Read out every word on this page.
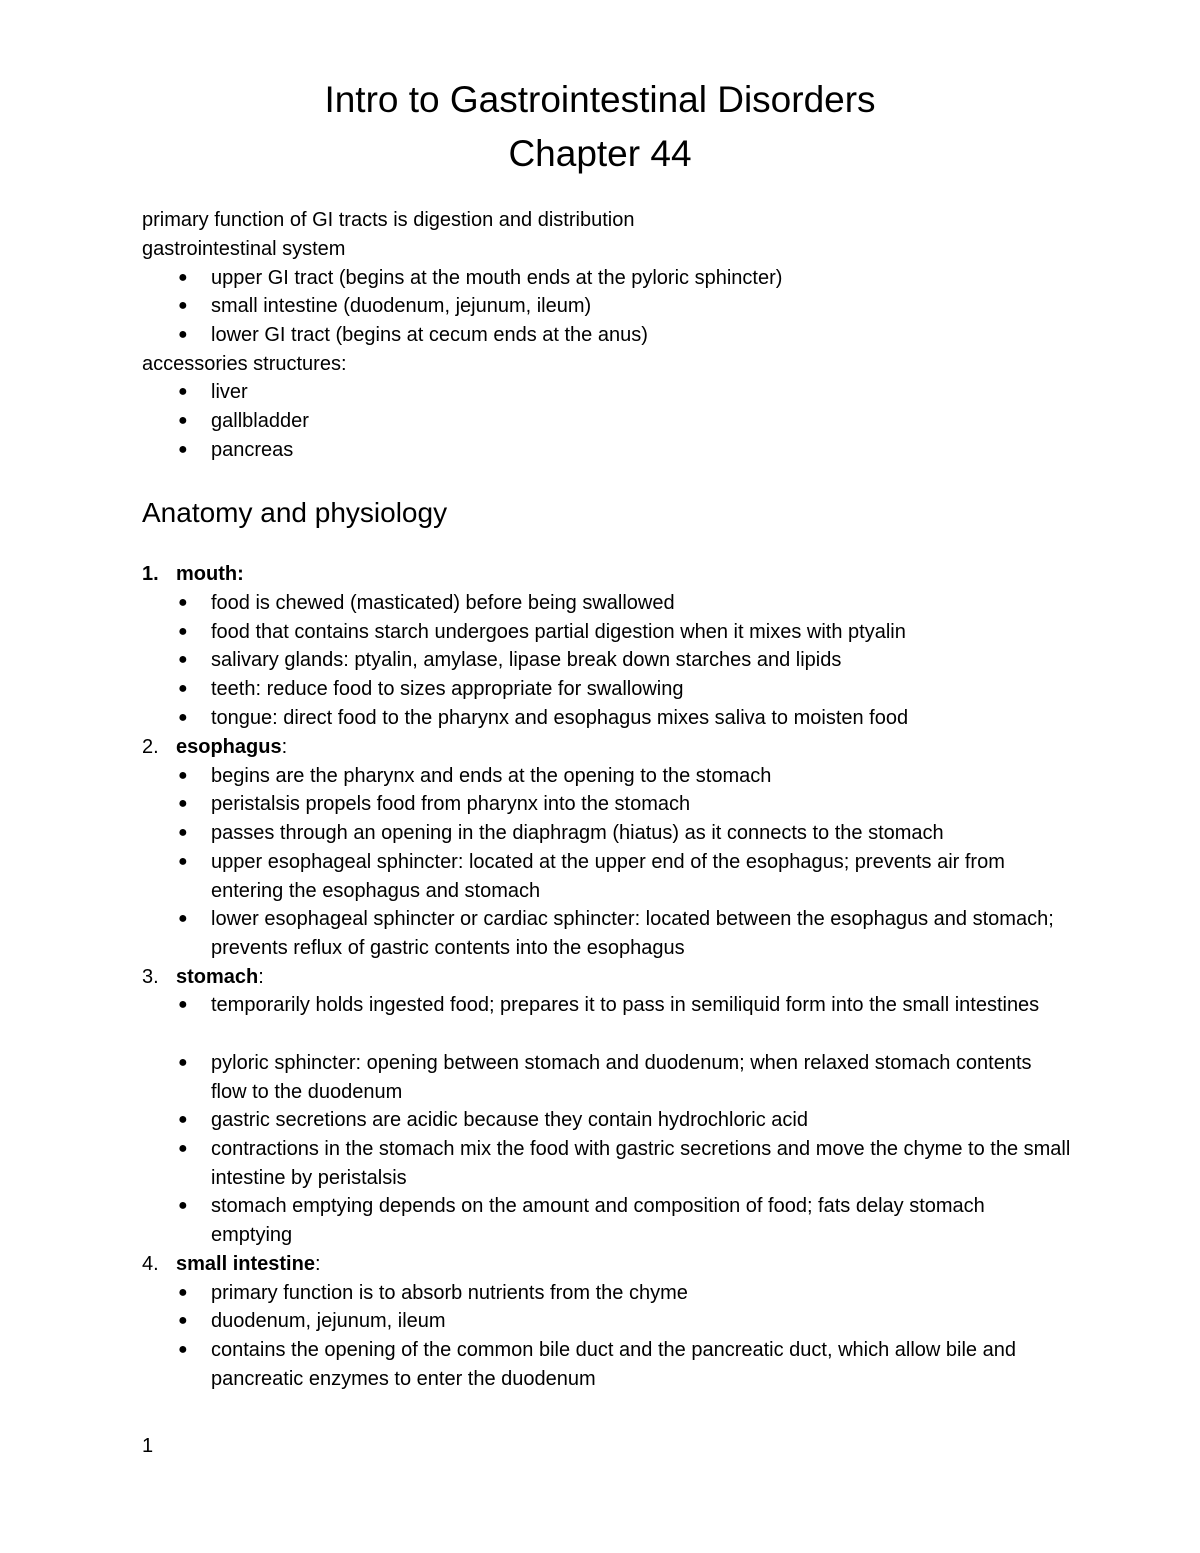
Intro to Gastrointestinal Disorders
Chapter 44
primary function of GI tracts is digestion and distribution
gastrointestinal system
● upper GI tract (begins at the mouth ends at the pyloric sphincter)
● small intestine (duodenum, jejunum, ileum)
● lower GI tract (begins at cecum ends at the anus)
accessories structures:
● liver
● gallbladder
● pancreas
Anatomy and physiology
1. mouth:
● food is chewed (masticated) before being swallowed
● food that contains starch undergoes partial digestion when it mixes with ptyalin
● salivary glands: ptyalin, amylase, lipase break down starches and lipids
● teeth: reduce food to sizes appropriate for swallowing
● tongue: direct food to the pharynx and esophagus mixes saliva to moisten food
2. esophagus:
● begins are the pharynx and ends at the opening to the stomach
● peristalsis propels food from pharynx into the stomach
● passes through an opening in the diaphragm (hiatus) as it connects to the stomach
● upper esophageal sphincter: located at the upper end of the esophagus; prevents air from entering the esophagus and stomach
● lower esophageal sphincter or cardiac sphincter: located between the esophagus and stomach; prevents reflux of gastric contents into the esophagus
3. stomach:
● temporarily holds ingested food; prepares it to pass in semiliquid form into the small intestines
● pyloric sphincter: opening between stomach and duodenum; when relaxed stomach contents flow to the duodenum
● gastric secretions are acidic because they contain hydrochloric acid
● contractions in the stomach mix the food with gastric secretions and move the chyme to the small intestine by peristalsis
● stomach emptying depends on the amount and composition of food; fats delay stomach emptying
4. small intestine:
● primary function is to absorb nutrients from the chyme
● duodenum, jejunum, ileum
● contains the opening of the common bile duct and the pancreatic duct, which allow bile and pancreatic enzymes to enter the duodenum
1
